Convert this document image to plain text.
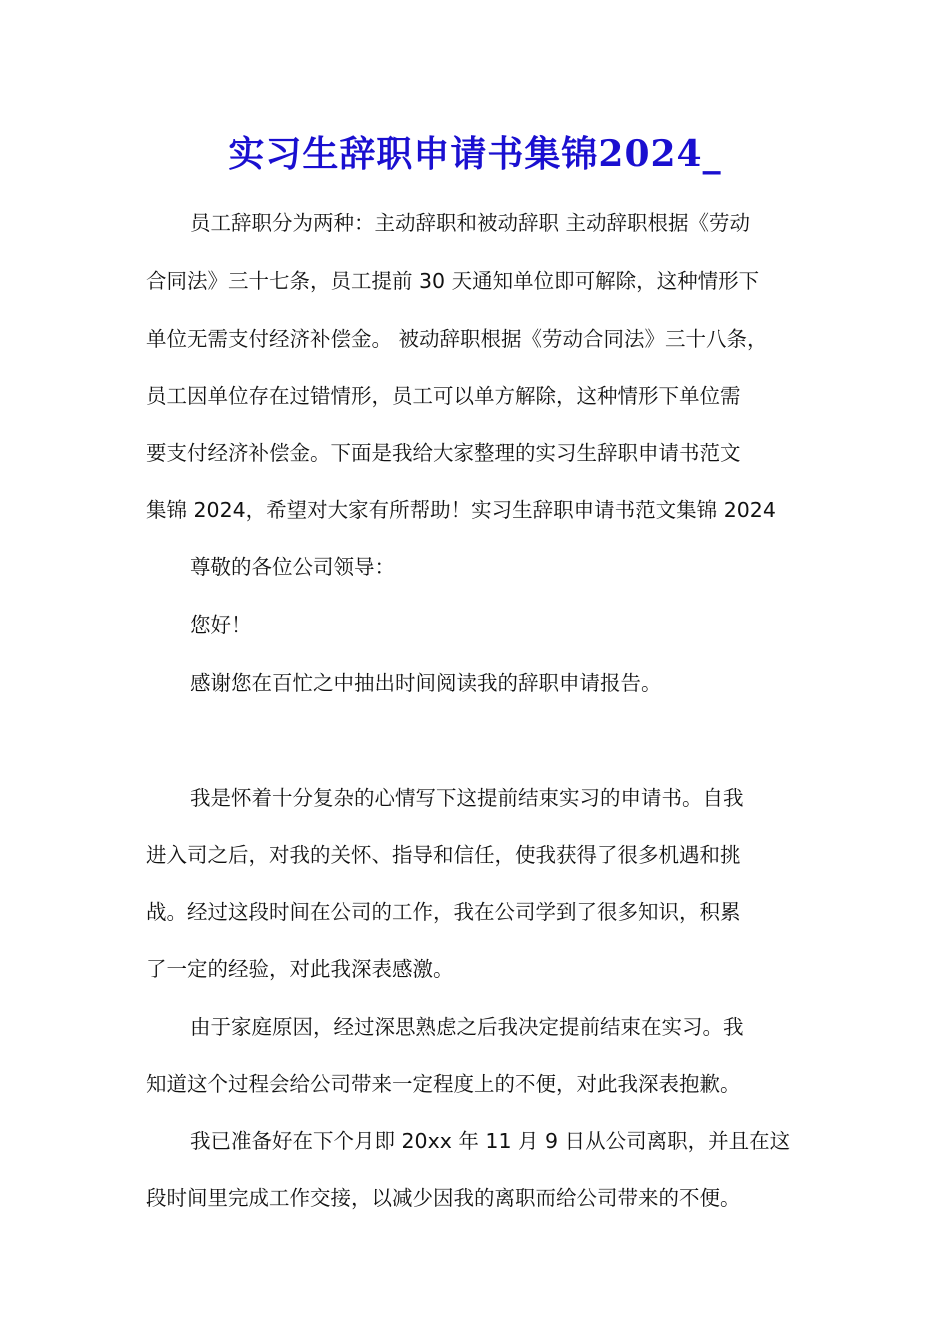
实习生辞职申请书集锦2024_
员工辞职分为两种：主动辞职和被动辞职 主动辞职根据《劳动
合同法》三十七条，员工提前 30 天通知单位即可解除，这种情形下
单位无需支付经济补偿金。 被动辞职根据《劳动合同法》三十八条，
员工因单位存在过错情形，员工可以单方解除，这种情形下单位需
要支付经济补偿金。下面是我给大家整理的实习生辞职申请书范文
集锦 2024，希望对大家有所帮助！实习生辞职申请书范文集锦 2024
尊敬的各位公司领导：
您好！
感谢您在百忙之中抽出时间阅读我的辞职申请报告。
我是怀着十分复杂的心情写下这提前结束实习的申请书。自我
进入司之后，对我的关怀、指导和信任，使我获得了很多机遇和挑
战。经过这段时间在公司的工作，我在公司学到了很多知识，积累
了一定的经验，对此我深表感激。
由于家庭原因，经过深思熟虑之后我决定提前结束在实习。我
知道这个过程会给公司带来一定程度上的不便，对此我深表抱歉。
我已准备好在下个月即 20xx 年 11 月 9 日从公司离职，并且在这
段时间里完成工作交接，以减少因我的离职而给公司带来的不便。
